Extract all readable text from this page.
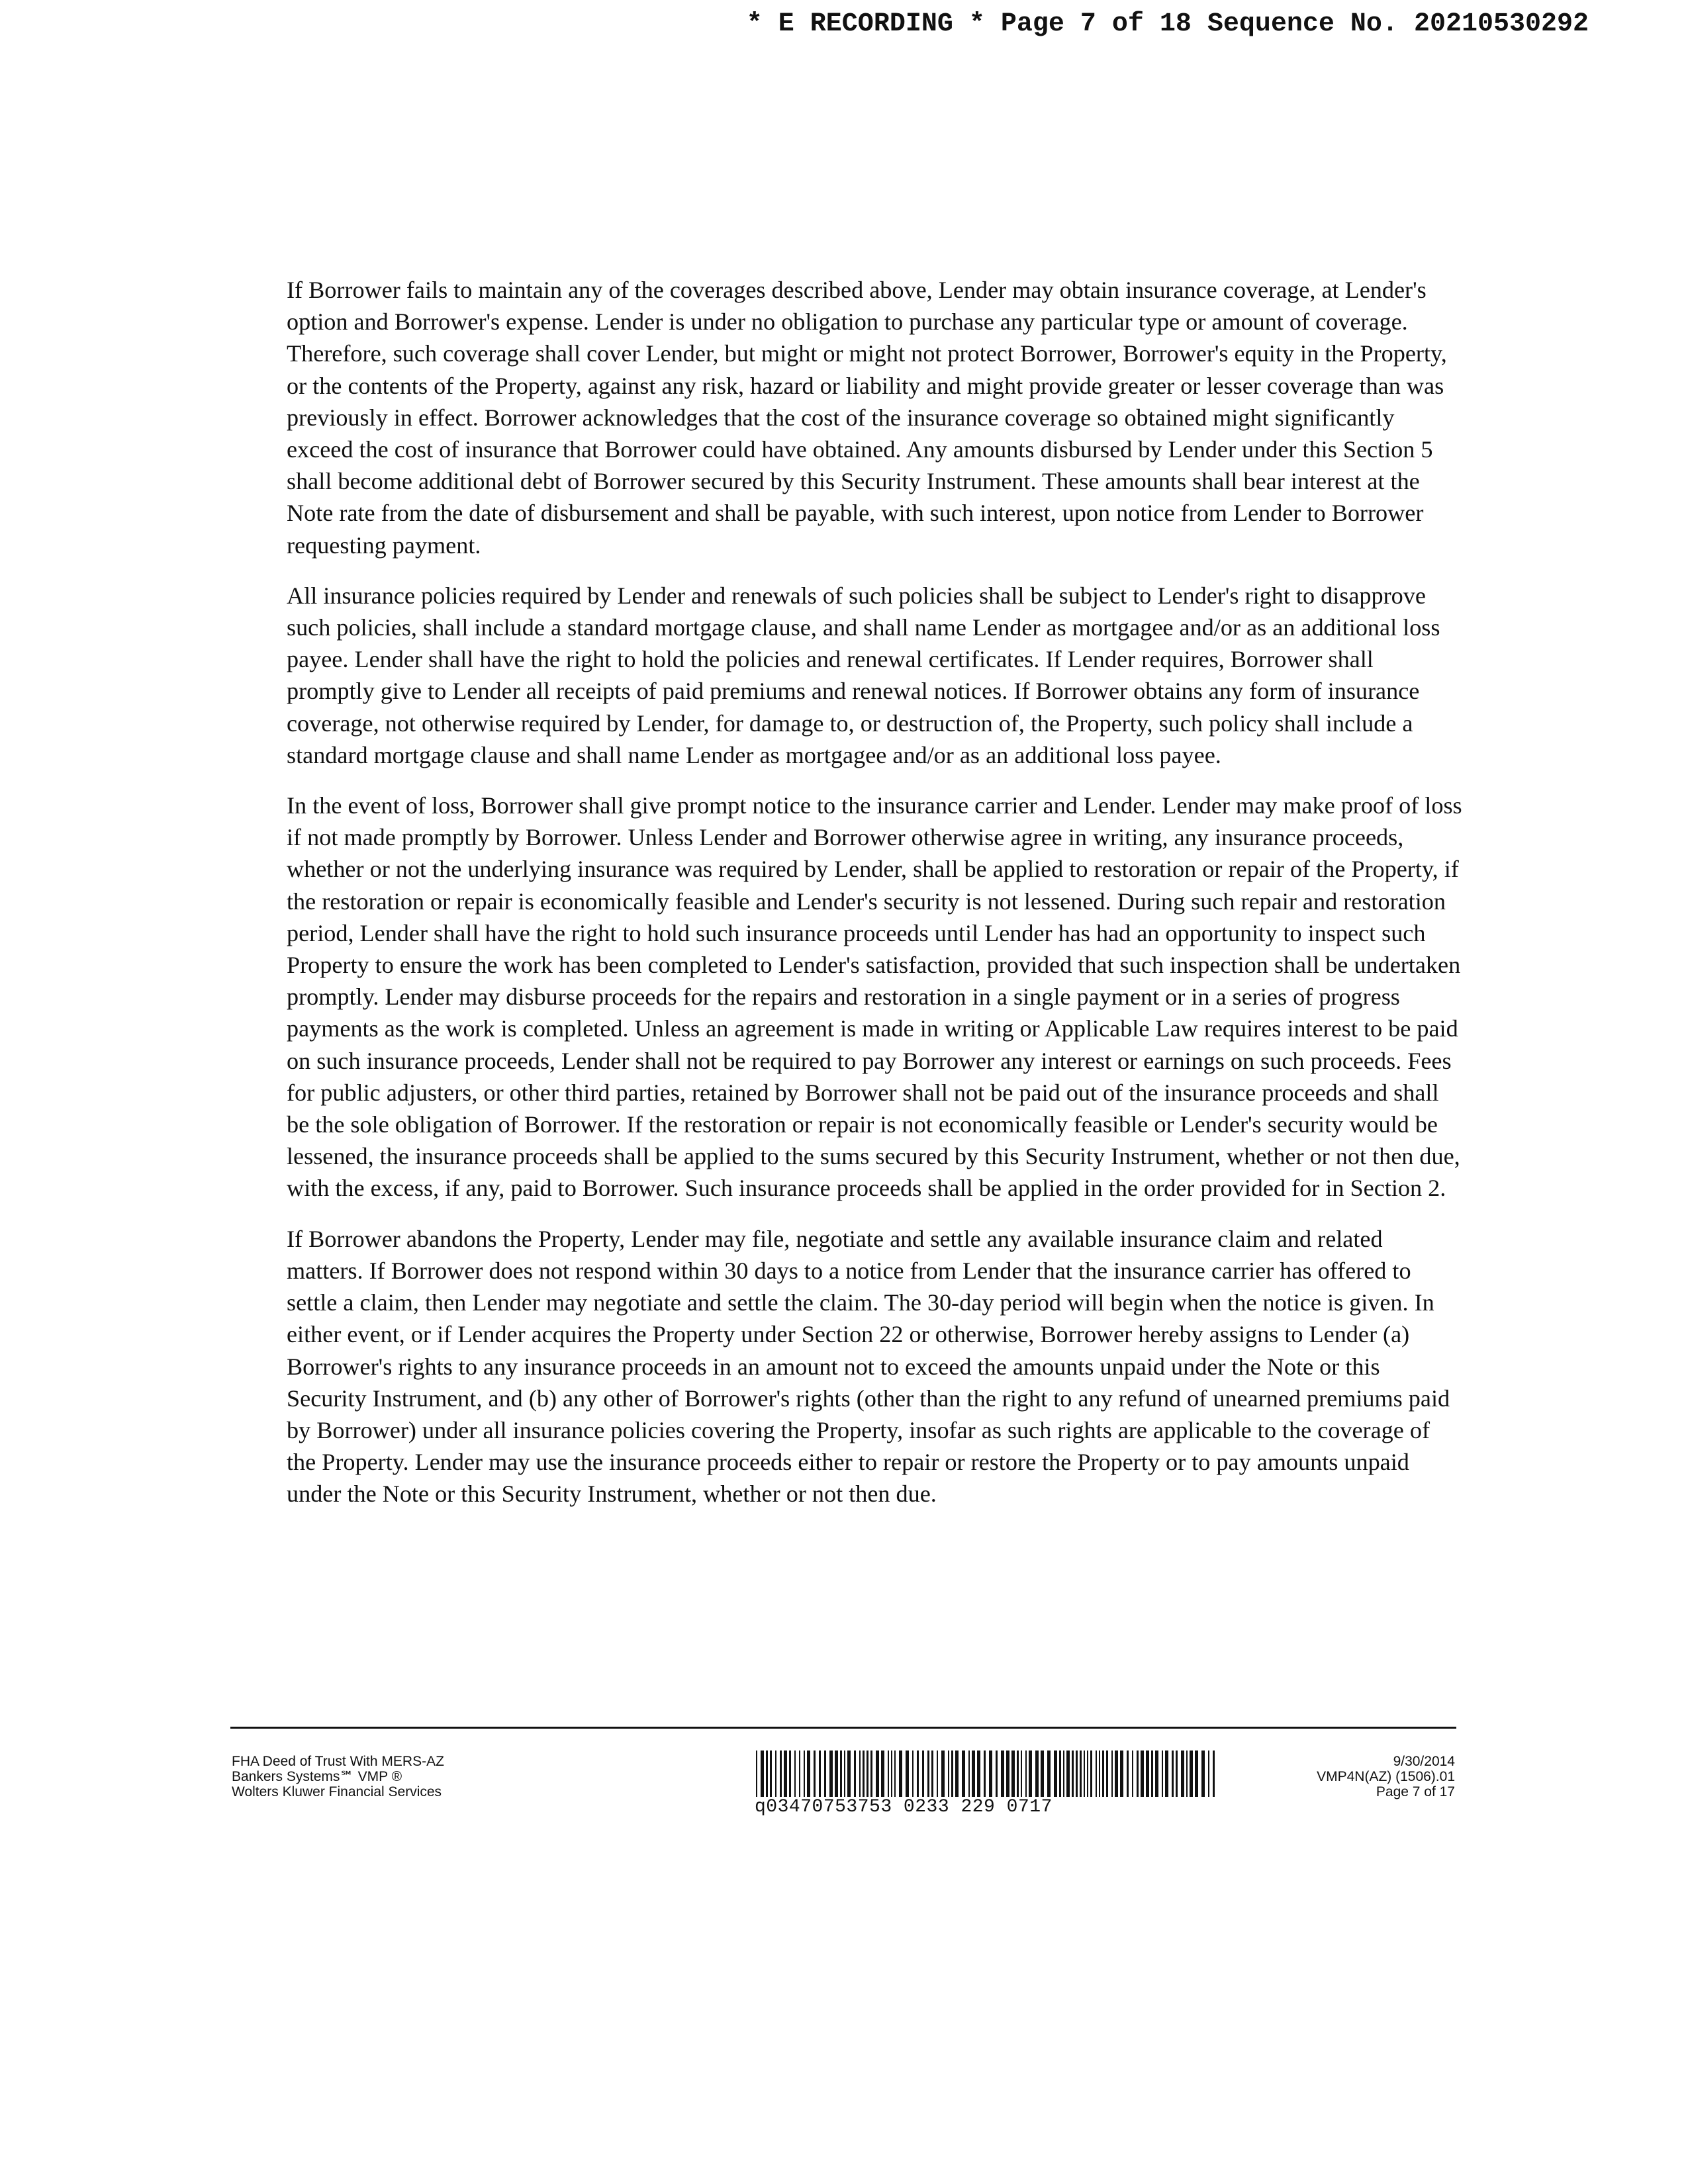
* E RECORDING * Page 7 of 18 Sequence No. 20210530292

If Borrower fails to maintain any of the coverages described above, Lender may obtain insurance coverage, at Lender's option and Borrower's expense. Lender is under no obligation to purchase any particular type or amount of coverage. Therefore, such coverage shall cover Lender, but might or might not protect Borrower, Borrower's equity in the Property, or the contents of the Property, against any risk, hazard or liability and might provide greater or lesser coverage than was previously in effect. Borrower acknowledges that the cost of the insurance coverage so obtained might significantly exceed the cost of insurance that Borrower could have obtained. Any amounts disbursed by Lender under this Section 5 shall become additional debt of Borrower secured by this Security Instrument. These amounts shall bear interest at the Note rate from the date of disbursement and shall be payable, with such interest, upon notice from Lender to Borrower requesting payment.

All insurance policies required by Lender and renewals of such policies shall be subject to Lender's right to disapprove such policies, shall include a standard mortgage clause, and shall name Lender as mortgagee and/or as an additional loss payee. Lender shall have the right to hold the policies and renewal certificates. If Lender requires, Borrower shall promptly give to Lender all receipts of paid premiums and renewal notices. If Borrower obtains any form of insurance coverage, not otherwise required by Lender, for damage to, or destruction of, the Property, such policy shall include a standard mortgage clause and shall name Lender as mortgagee and/or as an additional loss payee.

In the event of loss, Borrower shall give prompt notice to the insurance carrier and Lender. Lender may make proof of loss if not made promptly by Borrower. Unless Lender and Borrower otherwise agree in writing, any insurance proceeds, whether or not the underlying insurance was required by Lender, shall be applied to restoration or repair of the Property, if the restoration or repair is economically feasible and Lender's security is not lessened. During such repair and restoration period, Lender shall have the right to hold such insurance proceeds until Lender has had an opportunity to inspect such Property to ensure the work has been completed to Lender's satisfaction, provided that such inspection shall be undertaken promptly. Lender may disburse proceeds for the repairs and restoration in a single payment or in a series of progress payments as the work is completed. Unless an agreement is made in writing or Applicable Law requires interest to be paid on such insurance proceeds, Lender shall not be required to pay Borrower any interest or earnings on such proceeds. Fees for public adjusters, or other third parties, retained by Borrower shall not be paid out of the insurance proceeds and shall be the sole obligation of Borrower. If the restoration or repair is not economically feasible or Lender's security would be lessened, the insurance proceeds shall be applied to the sums secured by this Security Instrument, whether or not then due, with the excess, if any, paid to Borrower. Such insurance proceeds shall be applied in the order provided for in Section 2.

If Borrower abandons the Property, Lender may file, negotiate and settle any available insurance claim and related matters. If Borrower does not respond within 30 days to a notice from Lender that the insurance carrier has offered to settle a claim, then Lender may negotiate and settle the claim. The 30-day period will begin when the notice is given. In either event, or if Lender acquires the Property under Section 22 or otherwise, Borrower hereby assigns to Lender (a) Borrower's rights to any insurance proceeds in an amount not to exceed the amounts unpaid under the Note or this Security Instrument, and (b) any other of Borrower's rights (other than the right to any refund of unearned premiums paid by Borrower) under all insurance policies covering the Property, insofar as such rights are applicable to the coverage of the Property. Lender may use the insurance proceeds either to repair or restore the Property or to pay amounts unpaid under the Note or this Security Instrument, whether or not then due.

FHA Deed of Trust With MERS-AZ
Bankers Systems℠ VMP ®
Wolters Kluwer Financial Services
q03470753753 0233 229 0717
9/30/2014
VMP4N(AZ) (1506).01
Page 7 of 17
